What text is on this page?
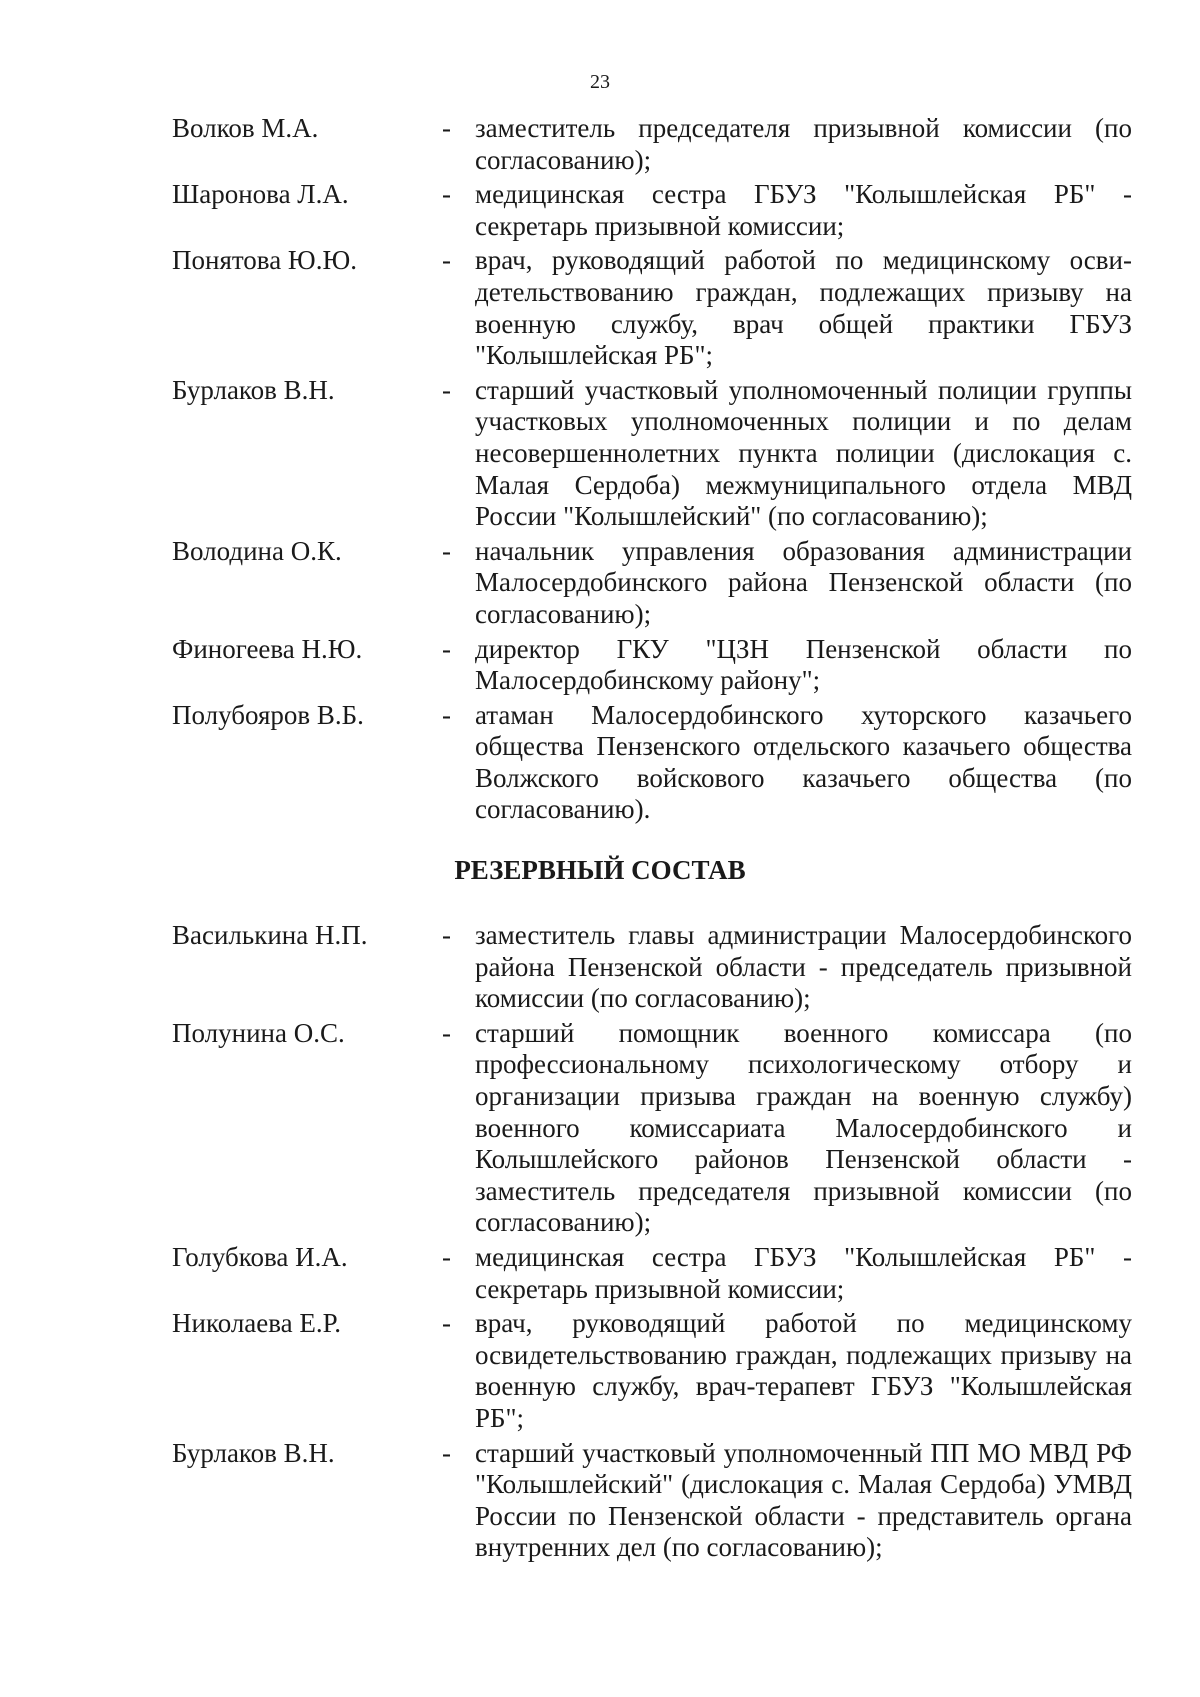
23
Волков М.А.	- заместитель председателя призывной комиссии (по согласованию);
Шаронова Л.А.	- медицинская сестра ГБУЗ "Колышлейская РБ" - секретарь призывной комиссии;
Понятова Ю.Ю.	- врач, руководящий работой по медицинскому освидетельствованию граждан, подлежащих призыву на военную службу, врач общей практики ГБУЗ "Колышлейская РБ";
Бурлаков В.Н.	- старший участковый уполномоченный полиции группы участковых уполномоченных полиции и по делам несовершеннолетних пункта полиции (дислокация с. Малая Сердоба) межмуниципального отдела МВД России "Колышлейский" (по согласованию);
Володина О.К.	- начальник управления образования администрации Малосердобинского района Пензенской области (по согласованию);
Финогеева Н.Ю.	- директор ГКУ "ЦЗН Пензенской области по Малосердобинскому району";
Полубояров В.Б.	- атаман Малосердобинского хуторского казачьего общества Пензенского отдельского казачьего общества Волжского войскового казачьего общества (по согласованию).
РЕЗЕРВНЫЙ СОСТАВ
Василькина Н.П.	- заместитель главы администрации Малосердобинского района Пензенской области - председатель призывной комиссии (по согласованию);
Полунина О.С.	- старший помощник военного комиссара (по профессиональному психологическому отбору и организации призыва граждан на военную службу) военного комиссариата Малосердобинского и Колышлейского районов Пензенской области - заместитель председателя призывной комиссии (по согласованию);
Голубкова И.А.	- медицинская сестра ГБУЗ "Колышлейская РБ" - секретарь призывной комиссии;
Николаева Е.Р.	- врач, руководящий работой по медицинскому освидетельствованию граждан, подлежащих призыву на военную службу, врач-терапевт ГБУЗ "Колышлейская РБ";
Бурлаков В.Н.	- старший участковый уполномоченный ПП МО МВД РФ "Колышлейский" (дислокация с. Малая Сердоба) УМВД России по Пензенской области - представитель органа внутренних дел (по согласованию);
